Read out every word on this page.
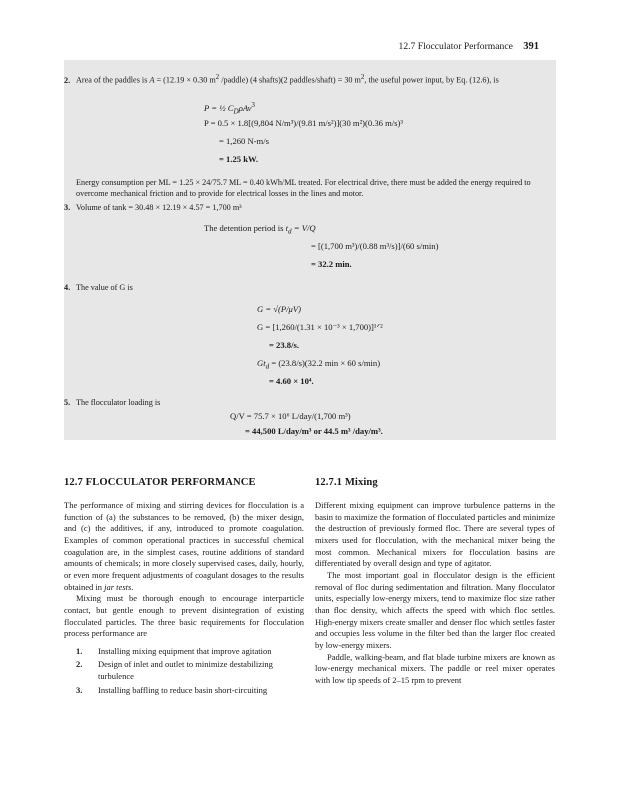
12.7 Flocculator Performance 391
2. Area of the paddles is A = (12.19 × 0.30 $m^2$ /paddle) (4 shafts)(2 paddles/shaft) = 30 $m^2$, the useful power input, by Eq. (12.6), is
P = ½ $C_D\rho Av^3$
P = 0.5 × 1.8[(9,804 N/m³)/(9.81 m/s²)](30 m²)(0.36 m/s)³
= 1,260 N-m/s
= 1.25 kW.
Energy consumption per ML = 1.25 × 24/75.7 ML = 0.40 kWh/ML treated. For electrical drive, there must be added the energy required to overcome mechanical friction and to provide for electrical losses in the lines and motor.
3. Volume of tank = 30.48 × 12.19 × 4.57 = 1,700 m³
The detention period is $t_d = V/Q$
= [(1,700 m³)/(0.88 m³/s)]/(60 s/min)
= 32.2 min.
4. The value of G is
G = √(P/μV)
G = [1,260/(1.31 × 10⁻³ × 1,700)]¹ᐟ²
= 23.8/s.
$Gt_d = (23.8/s)(32.2$ min × 60 s/min)
= 4.60 × 10⁴.
5. The flocculator loading is
Q/V = 75.7 × 10⁶ L/day/(1,700 m³)
= 44,500 L/day/m³ or 44.5 m³ /day/m³.
12.7 FLOCCULATOR PERFORMANCE

The performance of mixing and stirring devices for flocculation is a function of (a) the substances to be removed, (b) the mixer design, and (c) the additives, if any, introduced to promote coagulation. Examples of common operational practices in successful chemical coagulation are, in the simplest cases, routine additions of standard amounts of chemicals; in more closely supervised cases, daily, hourly, or even more frequent adjustments of coagulant dosages to the results obtained in jar tests.

Mixing must be thorough enough to encourage interparticle contact, but gentle enough to prevent disintegration of existing flocculated particles. The three basic requirements for flocculation process performance are

1. Installing mixing equipment that improve agitation
2. Design of inlet and outlet to minimize destabilizing turbulence
3. Installing baffling to reduce basin short-circuiting
12.7.1 Mixing

Different mixing equipment can improve turbulence patterns in the basin to maximize the formation of flocculated particles and minimize the destruction of previously formed floc. There are several types of mixers used for flocculation, with the mechanical mixer being the most common. Mechanical mixers for flocculation basins are differentiated by overall design and type of agitator.

The most important goal in flocculator design is the efficient removal of floc during sedimentation and filtration. Many flocculator units, especially low-energy mixers, tend to maximize floc size rather than floc density, which affects the speed with which floc settles. High-energy mixers create smaller and denser floc which settles faster and occupies less volume in the filter bed than the larger floc created by low-energy mixers.

Paddle, walking-beam, and flat blade turbine mixers are known as low-energy mechanical mixers. The paddle or reel mixer operates with low tip speeds of 2–15 rpm to prevent
